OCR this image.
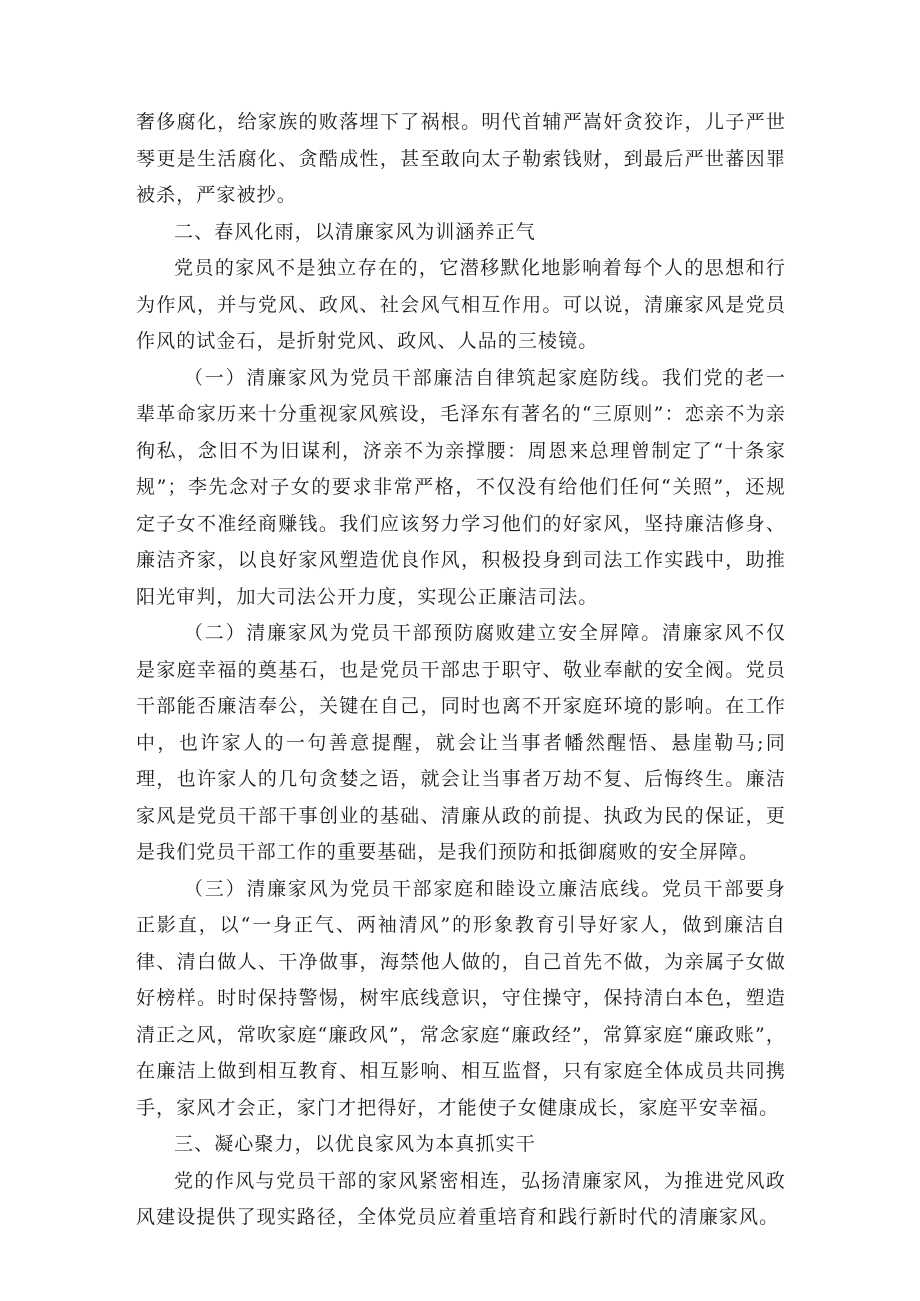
奢侈腐化，给家族的败落埋下了祸根。明代首辅严嵩奸贪狡诈，儿子严世琴更是生活腐化、贪酷成性，甚至敢向太子勒索钱财，到最后严世蕃因罪被杀，严家被抄。

二、春风化雨，以清廉家风为训涵养正气

党员的家风不是独立存在的，它潜移默化地影响着每个人的思想和行为作风，并与党风、政风、社会风气相互作用。可以说，清廉家风是党员作风的试金石，是折射党风、政风、人品的三棱镜。

（一）清廉家风为党员干部廉洁自律筑起家庭防线。我们党的老一辈革命家历来十分重视家风殡设，毛泽东有著名的“三原则”：恋亲不为亲徇私，念旧不为旧谋利，济亲不为亲撑腰：周恩来总理曾制定了“十条家规”；李先念对子女的要求非常严格，不仅没有给他们任何“关照”，还规定子女不准经商赚钱。我们应该努力学习他们的好家风，坚持廉洁修身、廉洁齐家，以良好家风塑造优良作风，积极投身到司法工作实践中，助推阳光审判，加大司法公开力度，实现公正廉洁司法。

（二）清廉家风为党员干部预防腐败建立安全屏障。清廉家风不仅是家庭幸福的奠基石，也是党员干部忠于职守、敬业奉献的安全阀。党员干部能否廉洁奉公，关键在自己，同时也离不开家庭环境的影响。在工作中，也许家人的一句善意提醒，就会让当事者幡然醒悟、悬崖勒马;同理，也许家人的几句贪婪之语，就会让当事者万劫不复、后悔终生。廉洁家风是党员干部干事创业的基础、清廉从政的前提、执政为民的保证，更是我们党员干部工作的重要基础，是我们预防和抵御腐败的安全屏障。

（三）清廉家风为党员干部家庭和睦设立廉洁底线。党员干部要身正影直，以“一身正气、两袖清风”的形象教育引导好家人，做到廉洁自律、清白做人、干净做事，海禁他人做的，自己首先不做，为亲属子女做好榜样。时时保持警惕，树牢底线意识，守住操守，保持清白本色，塑造清正之风，常吹家庭“廉政风”，常念家庭“廉政经”，常算家庭“廉政账”，在廉洁上做到相互教育、相互影响、相互监督，只有家庭全体成员共同携手，家风才会正，家门才把得好，才能使子女健康成长，家庭平安幸福。

三、凝心聚力，以优良家风为本真抓实干

党的作风与党员干部的家风紧密相连，弘扬清廉家风，为推进党风政风建设提供了现实路径，全体党员应着重培育和践行新时代的清廉家风。
